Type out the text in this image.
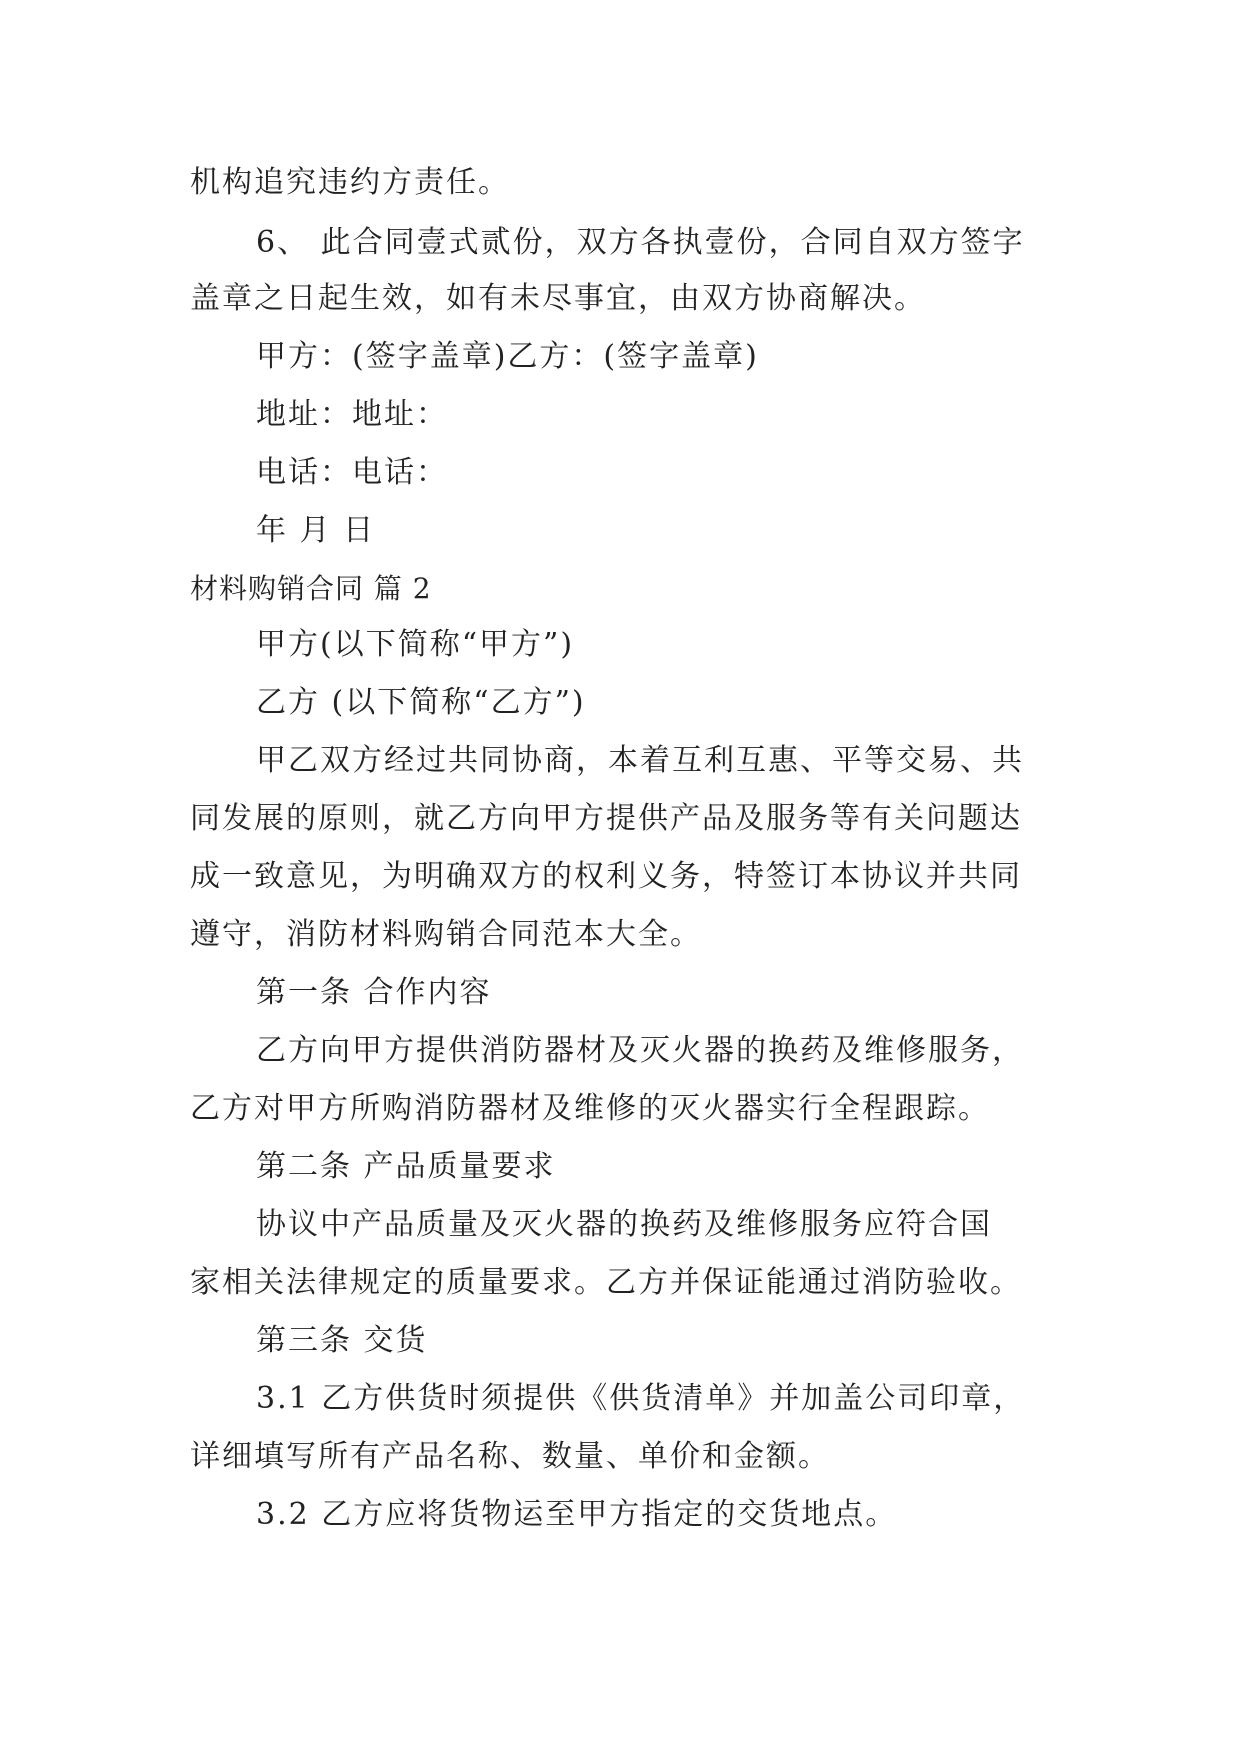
机构追究违约方责任。
6、 此合同壹式贰份，双方各执壹份，合同自双方签字
盖章之日起生效，如有未尽事宜，由双方协商解决。
甲方：(签字盖章)乙方：(签字盖章)
地址：地址：
电话：电话：
年 月 日
材料购销合同 篇 2
甲方(以下简称“甲方”)
乙方 (以下简称“乙方”)
甲乙双方经过共同协商，本着互利互惠、平等交易、共
同发展的原则，就乙方向甲方提供产品及服务等有关问题达
成一致意见，为明确双方的权利义务，特签订本协议并共同
遵守，消防材料购销合同范本大全。
第一条 合作内容
乙方向甲方提供消防器材及灭火器的换药及维修服务，
乙方对甲方所购消防器材及维修的灭火器实行全程跟踪。
第二条 产品质量要求
协议中产品质量及灭火器的换药及维修服务应符合国
家相关法律规定的质量要求。乙方并保证能通过消防验收。
第三条 交货
3.1 乙方供货时须提供《供货清单》并加盖公司印章，
详细填写所有产品名称、数量、单价和金额。
3.2 乙方应将货物运至甲方指定的交货地点。
